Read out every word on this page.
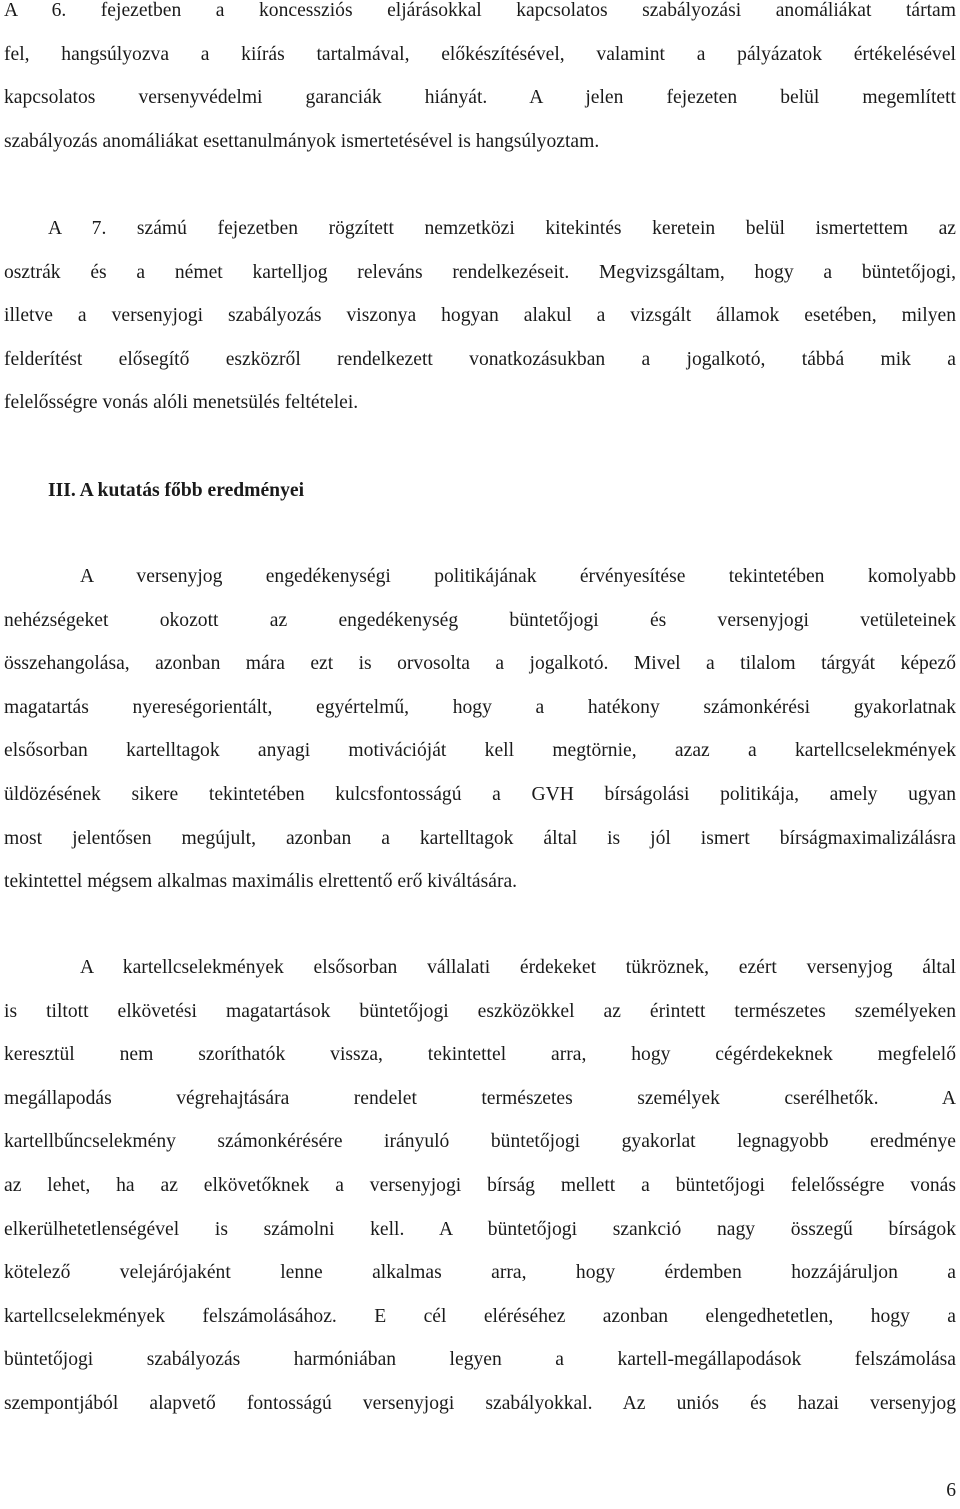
A 6. fejezetben a koncessziós eljárásokkal kapcsolatos szabályozási anomáliákat tártam
fel, hangsúlyozva a kiírás tartalmával, előkészítésével, valamint a pályázatok értékelésével
kapcsolatos versenyvédelmi garanciák hiányát. A jelen fejezeten belül megemlített
szabályozás anomáliákat esettanulmányok ismertetésével is hangsúlyoztam.
A 7. számú fejezetben rögzített nemzetközi kitekintés keretein belül ismertettem az
osztrák és a német kartelljog releváns rendelkezéseit. Megvizsgáltam, hogy a büntetőjogi,
illetve a versenyjogi szabályozás viszonya hogyan alakul a vizsgált államok esetében, milyen
felderítést elősegítő eszközről rendelkezett vonatkozásukban a jogalkotó, tábbá mik a
felelősségre vonás alóli menetsülés feltételei.
III. A kutatás főbb eredményei
A versenyjog engedékenységi politikájának érvényesítése tekintetében komolyabb
nehézségeket okozott az engedékenység büntetőjogi és versenyjogi vetületeinek
összehangolása, azonban mára ezt is orvosolta a jogalkotó. Mivel a tilalom tárgyát képező
magatartás nyereségorientált, egyértelmű, hogy a hatékony számonkérési gyakorlatnak
elsősorban kartelltagok anyagi motivációját kell megtörnie, azaz a kartellcselekmények
üldözésének sikere tekintetében kulcsfontosságú a GVH bírságolási politikája, amely ugyan
most jelentősen megújult, azonban a kartelltagok által is jól ismert bírságmaximalizálásra
tekintettel mégsem alkalmas maximális elrettentő erő kiváltására.
A kartellcselekmények elsősorban vállalati érdekeket tükröznek, ezért versenyjog által
is tiltott elkövetési magatartások büntetőjogi eszközökkel az érintett természetes személyeken
keresztül nem szoríthatók vissza, tekintettel arra, hogy cégérdekeknek megfelelő
megállapodás végrehajtására rendelet természetes személyek cserélhetők. A
kartellbűncselekmény számonkérésére irányuló büntetőjogi gyakorlat legnagyobb eredménye
az lehet, ha az elkövetőknek a versenyjogi bírság mellett a büntetőjogi felelősségre vonás
elkerülhetetlenségével is számolni kell. A büntetőjogi szankció nagy összegű bírságok
kötelező velejárójaként lenne alkalmas arra, hogy érdemben hozzájáruljon a
kartellcselekmények felszámolásához. E cél eléréséhez azonban elengedhetetlen, hogy a
büntetőjogi szabályozás harmóniában legyen a kartell-megállapodások felszámolása
szempontjából alapvető fontosságú versenyjogi szabályokkal. Az uniós és hazai versenyjog
6
